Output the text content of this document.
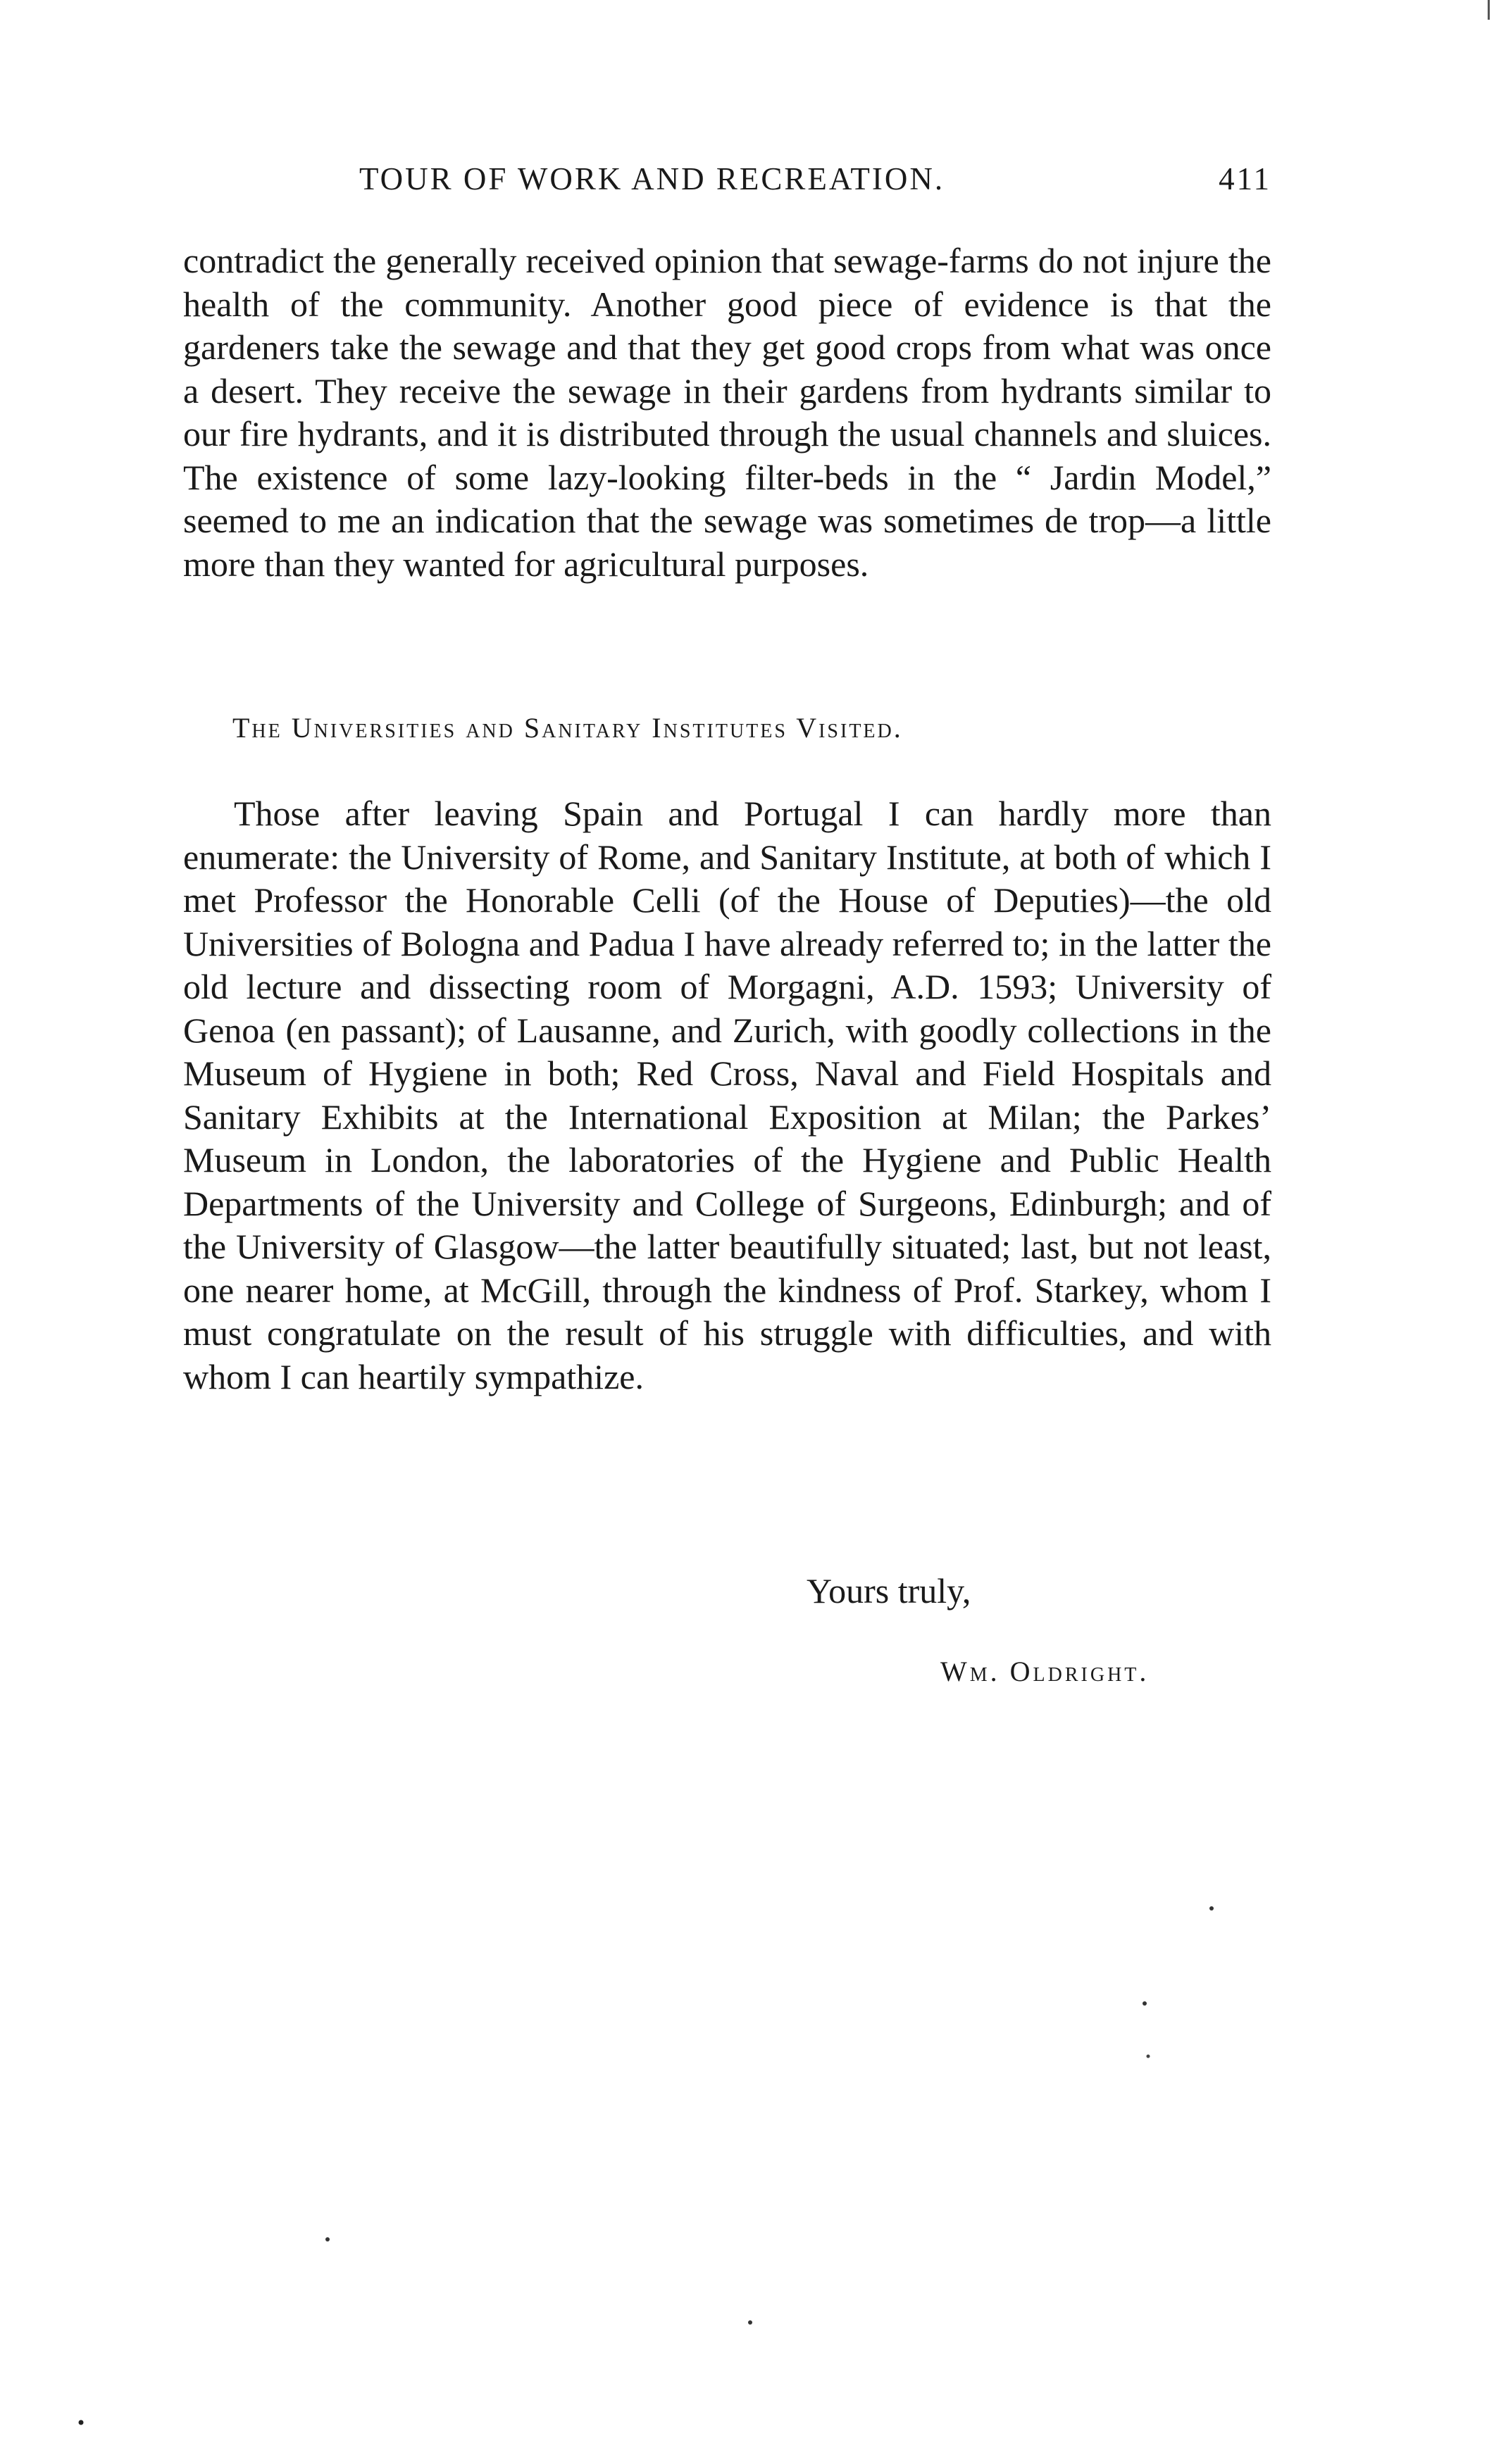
TOUR OF WORK AND RECREATION.	411

contradict the generally received opinion that sewage-farms do not injure the health of the community. Another good piece of evidence is that the gardeners take the sewage and that they get good crops from what was once a desert. They receive the sewage in their gardens from hydrants similar to our fire hydrants, and it is distributed through the usual channels and sluices. The existence of some lazy-looking filter-beds in the “ Jardin Model,” seemed to me an indication that the sewage was sometimes de trop—a little more than they wanted for agricultural purposes.

The Universities and Sanitary Institutes Visited.

Those after leaving Spain and Portugal I can hardly more than enumerate: the University of Rome, and Sanitary Institute, at both of which I met Professor the Honorable Celli (of the House of Deputies)—the old Universities of Bologna and Padua I have already referred to; in the latter the old lecture and dissecting room of Morgagni, A.D. 1593; University of Genoa (en passant); of Lausanne, and Zurich, with goodly collections in the Museum of Hygiene in both; Red Cross, Naval and Field Hospitals and Sanitary Exhibits at the International Exposition at Milan; the Parkes’ Museum in London, the laboratories of the Hygiene and Public Health Departments of the University and College of Surgeons, Edinburgh; and of the University of Glasgow—the latter beautifully situated; last, but not least, one nearer home, at McGill, through the kindness of Prof. Starkey, whom I must congratulate on the result of his struggle with difficulties, and with whom I can heartily sympathize.

Yours truly,
Wm. Oldright.
